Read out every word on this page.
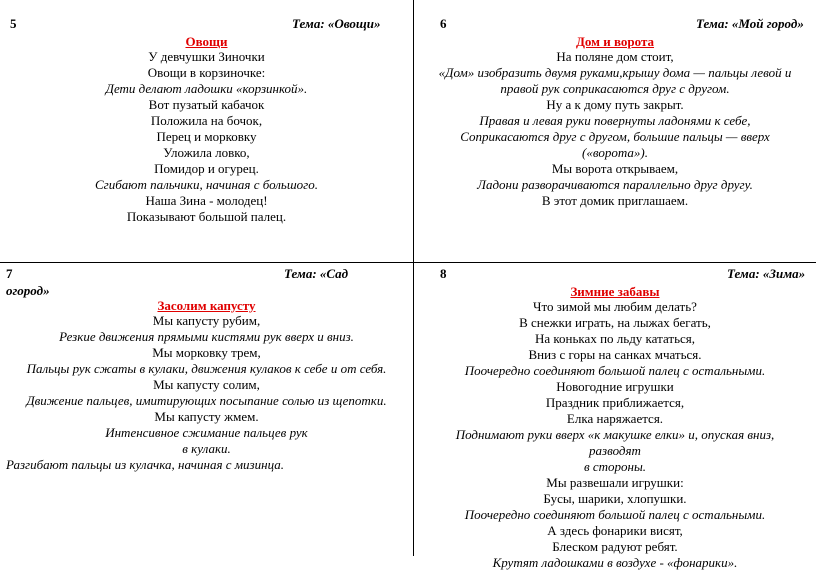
5	Тема: «Овощи»
Овощи
У девчушки Зиночки
Овощи в корзиночке:
Дети делают ладошки «корзинкой».
Вот пузатый кабачок
Положила на бочок,
Перец и морковку
Уложила ловко,
Помидор и огурец.
Сгибают пальчики, начиная с большого.
Наша Зина - молодец!
Показывают большой палец.
6	Тема: «Мой город»
Дом и ворота
На поляне дом стоит,
«Дом» изобразить двумя руками,крышу дома — пальцы левой и
правой рук соприкасаются друг с другом.
Ну а к дому путь закрыт.
Правая и левая руки повернуты ладонями к себе,
Соприкасаются друг с другом, большие пальцы — вверх
(«ворота»).
Мы ворота открываем,
Ладони разворачиваются параллельно друг другу.
В этот домик приглашаем.
7	Тема: «Сад
огород»
Засолим капусту
Мы капусту рубим,
Резкие движения прямыми кистями рук вверх и вниз.
Мы морковку трем,
Пальцы рук сжаты в кулаки, движения кулаков к себе и от себя.
Мы капусту солим,
Движение пальцев, имитирующих посыпание солью из щепотки.
Мы капусту жмем.
Интенсивное сжимание пальцев рук
в кулаки.
Разгибают пальцы из кулачка, начиная с мизинца.
8	Тема: «Зима»
Зимние забавы
Что зимой мы любим делать?
В снежки играть, на лыжах бегать,
На коньках по льду кататься,
Вниз с горы на санках мчаться.
Поочередно соединяют большой палец с остальными.
Новогодние игрушки
Праздник приближается,
Елка наряжается.
Поднимают руки вверх «к макушке елки» и, опуская вниз,
разводят
в стороны.
Мы развешали игрушки:
Бусы, шарики, хлопушки.
Поочередно соединяют большой палец с остальными.
А здесь фонарики висят,
Блеском радуют ребят.
Крутят ладошками в воздухе - «фонарики».
